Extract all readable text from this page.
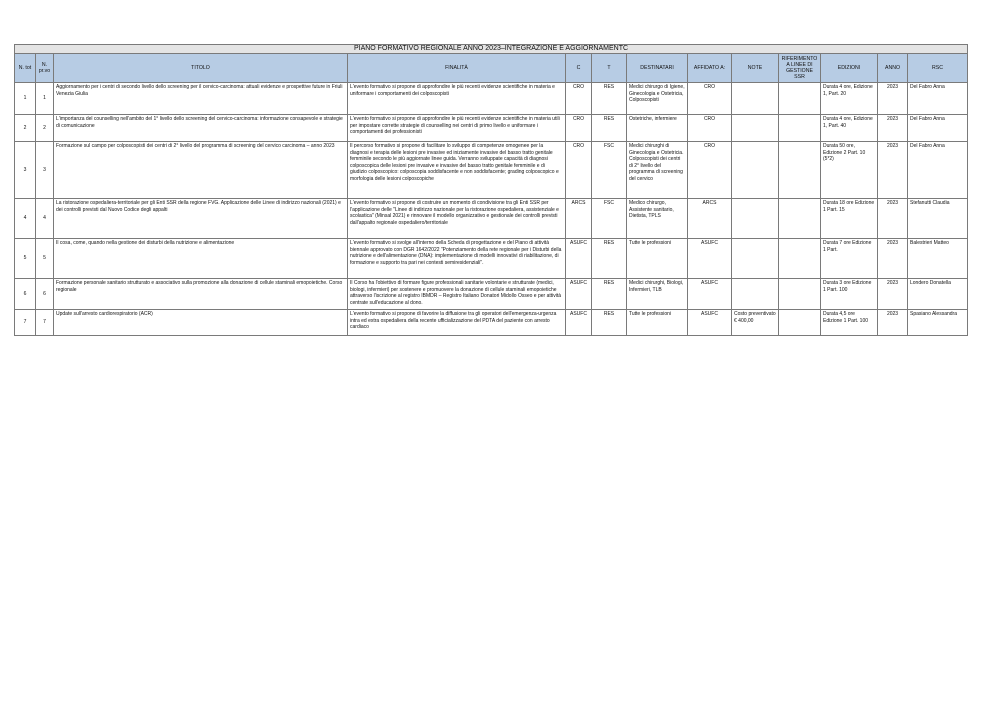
PIANO FORMATIVO REGIONALE ANNO 2023–INTEGRAZIONE E AGGIORNAMENTC												
N. tot	N. pr.vo	TITOLO	FINALITÀ	C	T	DESTINATARI	AFFIDATO A:	NOTE	RIFERIMENTO A LINEE DI GESTIONE SSR	EDIZIONI	ANNO	RSC
1	1	Aggiornamento per i centri di secondo livello dello screening per il cervico-carcinoma: attuali evidenze e prospettive future in Friuli Venezia Giulia	L'evento formativo si propone di approfondire le più recenti evidenze scientifiche in materia e uniformare i comportamenti dei colposcopisti	CRO	RES	Medici chirurgo di Igiene, Ginecologia e Ostetricia, Colposcopisti	CRO			Durata 4 ore, Edizione 1, Part. 20	2023	Del Fabro Anna
2	2	L'importanza del counselling nell'ambito del 1° livello dello screening del cervico-carcinoma: informazione consapevole e strategie di comunicazione	L'evento formativo si propone di approfondire le più recenti evidenze scientifiche in materia utili per impostare corrette strategie di counselling nei centri di primo livello e uniformare i comportamenti dei professionisti	CRO	RES	Ostetriche, infermiere	CRO			Durata 4 ore, Edizione 1, Part. 40	2023	Del Fabro Anna
3	3	Formazione sul campo per colposcopisti dei centri di 2° livello del programma di screening del cervico carcinoma – anno 2023	Il percorso formativo si propone di facilitare lo sviluppo di competenze omogenee per la diagnosi e terapia delle lesioni pre invasive ed iniziamente invasive del basso tratto genitale femminile secondo le più aggiornate linee guida. Verranno sviluppate capacità di diagnosi colposcopica delle lesioni pre invasive e invasive del basso tratto genitale femminile e di giudizio colposcopico: colposcopia soddisfacente e non soddisfacente; grading colposcopico e morfologia delle lesioni colposcopiche	CRO	FSC	Medici chirurghi di Ginecologia e Ostetricia. Colposcopisti dei centri di 2° livello del programma di screening del cervico	CRO			Durata 50 ore, Edizione 2 Part. 10 (5*2)	2023	Del Fabro Anna
4	4	La ristorazione ospedaliera-territoriale per gli Enti SSR della regione FVG. Applicazione delle Linee di indirizzo nazionali (2021) e dei controlli previsti dal Nuovo Codice degli appalti	L'evento formativo si propone di costruire un momento di condivisione tra gli Enti SSR per l'applicazione delle "Linee di indirizzo nazionale per la ristorazione ospedaliera, assistenziale e scolastica" (Minsal 2021) e rinnovare il modello organizzativo e gestionale dei controlli previsti dall'appalto regionale ospedaliero/territoriale	ARCS	FSC	Medico chirurgo, Assistente sanitario, Dietista, TPLS	ARCS			Durata 18 ore Edizione 1 Part. 15	2023	Stefanutti Claudia
5	5	Il cosa, come, quando nella gestione dei disturbi della nutrizione e alimentazione	L'evento formativo si svolge all'interno della Scheda di progettazione e del Piano di attività biennale approvato con DGR 1642/2022 "Potenziamento della rete regionale per i Disturbi della nutrizione e dell'alimentazione (DNA): implementazione di modelli innovativi di riabilitazione, di formazione e supporto tra pari nei contesti semiresidenziali".	ASUFC	RES	Tutte le professioni	ASUFC			Durata 7 ore Edizione 1 Part.	2023	Balestrieri Matteo
6	6	Formazione personale sanitario strutturato e associativo sulla promozione alla donazione di cellule staminali emopoietiche. Corso regionale	Il Corso ha l'obiettivo di formare figure professionali sanitarie volontarie e strutturate (medici, biologi, infermieri) per sostenere e promuovere la donazione di cellule staminali emopoietiche attraverso l'iscrizione al registro IBMDR – Registro Italiano Donatori Midollo Osseo e per attività centrate sull'educazione al dono.	ASUFC	RES	Medici chirurghi, Biologi, Infermieri, TLB	ASUFC			Durata 3 ore Edizione 1 Part. 100	2023	Londero Donatella
7	7	Update sull'arresto cardiorespiratorio (ACR)	L'evento formativo si propone di favorire la diffusione tra gli operatori dell'emergenza-urgenza intra ed extra ospedaliera della recente ufficializzazione del PDTA del paziente con arresto cardiaco	ASUFC	RES	Tutte le professioni	ASUFC	Costo preventivato € 400,00		Durata 4,5 ore Edizione 1 Part. 100	2023	Spasiano Alessandra
